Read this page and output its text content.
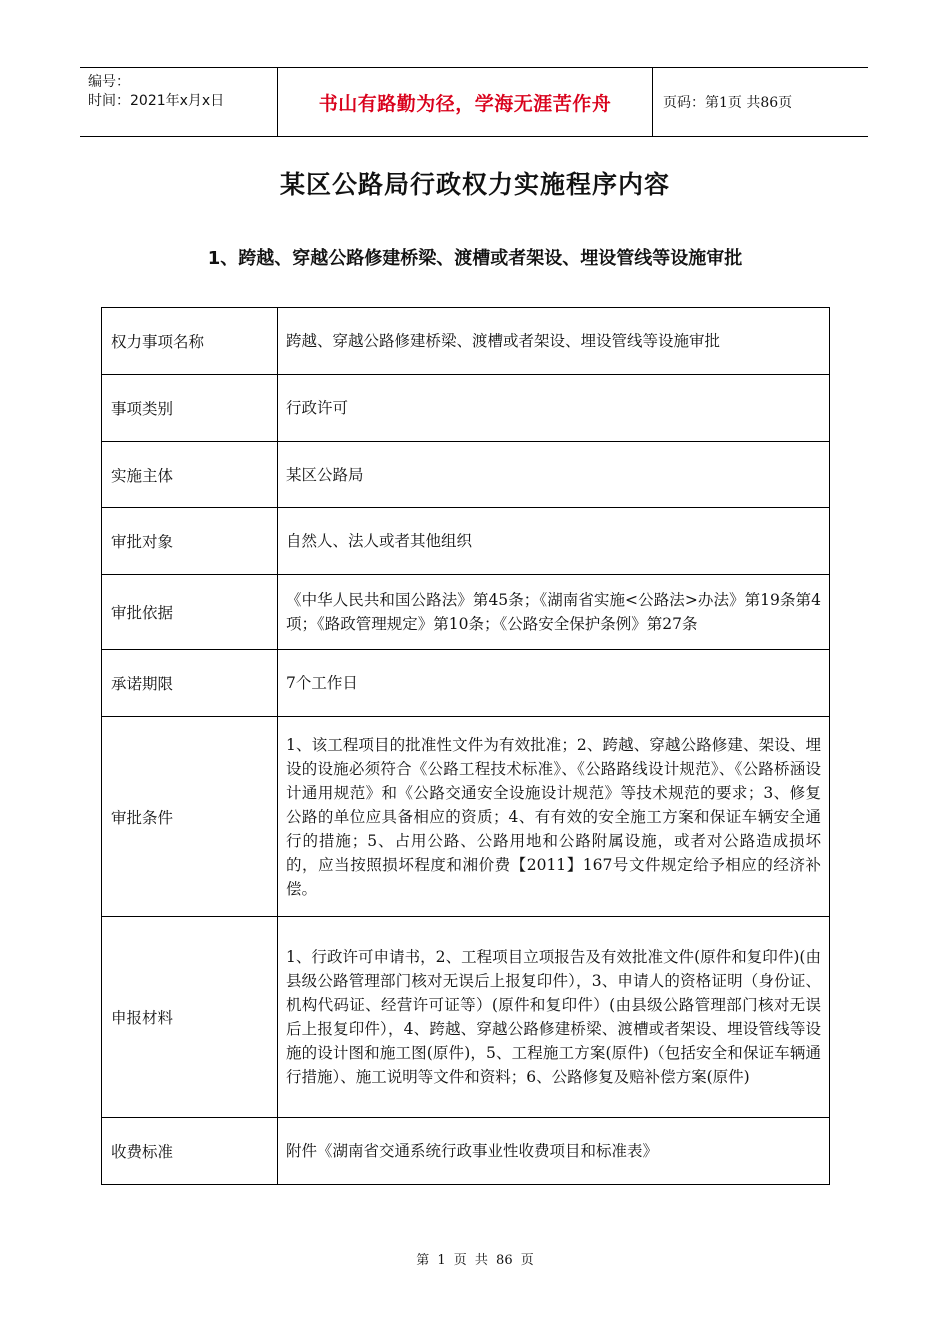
编号：
时间：2021年x月x日	书山有路勤为径，学海无涯苦作舟	页码：第1页 共86页
某区公路局行政权力实施程序内容
1、跨越、穿越公路修建桥梁、渡槽或者架设、埋设管线等设施审批
权力事项名称	跨越、穿越公路修建桥梁、渡槽或者架设、埋设管线等设施审批
事项类别	行政许可
实施主体	某区公路局
审批对象	自然人、法人或者其他组织
审批依据	《中华人民共和国公路法》第45条；《湖南省实施<公路法>办法》第19条第4项；《路政管理规定》第10条；《公路安全保护条例》第27条
承诺期限	7个工作日
审批条件	1、该工程项目的批准性文件为有效批准；2、跨越、穿越公路修建、架设、埋设的设施必须符合《公路工程技术标准》、《公路路线设计规范》、《公路桥涵设计通用规范》和《公路交通安全设施设计规范》等技术规范的要求；3、修复公路的单位应具备相应的资质；4、有有效的安全施工方案和保证车辆安全通行的措施；5、占用公路、公路用地和公路附属设施，或者对公路造成损坏的，应当按照损坏程度和湘价费【2011】167号文件规定给予相应的经济补偿。
申报材料	1、行政许可申请书，2、工程项目立项报告及有效批准文件(原件和复印件)(由县级公路管理部门核对无误后上报复印件），3、申请人的资格证明（身份证、机构代码证、经营许可证等）(原件和复印件）(由县级公路管理部门核对无误后上报复印件），4、跨越、穿越公路修建桥梁、渡槽或者架设、埋设管线等设施的设计图和施工图(原件)，5、工程施工方案(原件)（包括安全和保证车辆通行措施）、施工说明等文件和资料；6、公路修复及赔补偿方案(原件)
收费标准	附件《湖南省交通系统行政事业性收费项目和标准表》
第 1 页 共 86 页
